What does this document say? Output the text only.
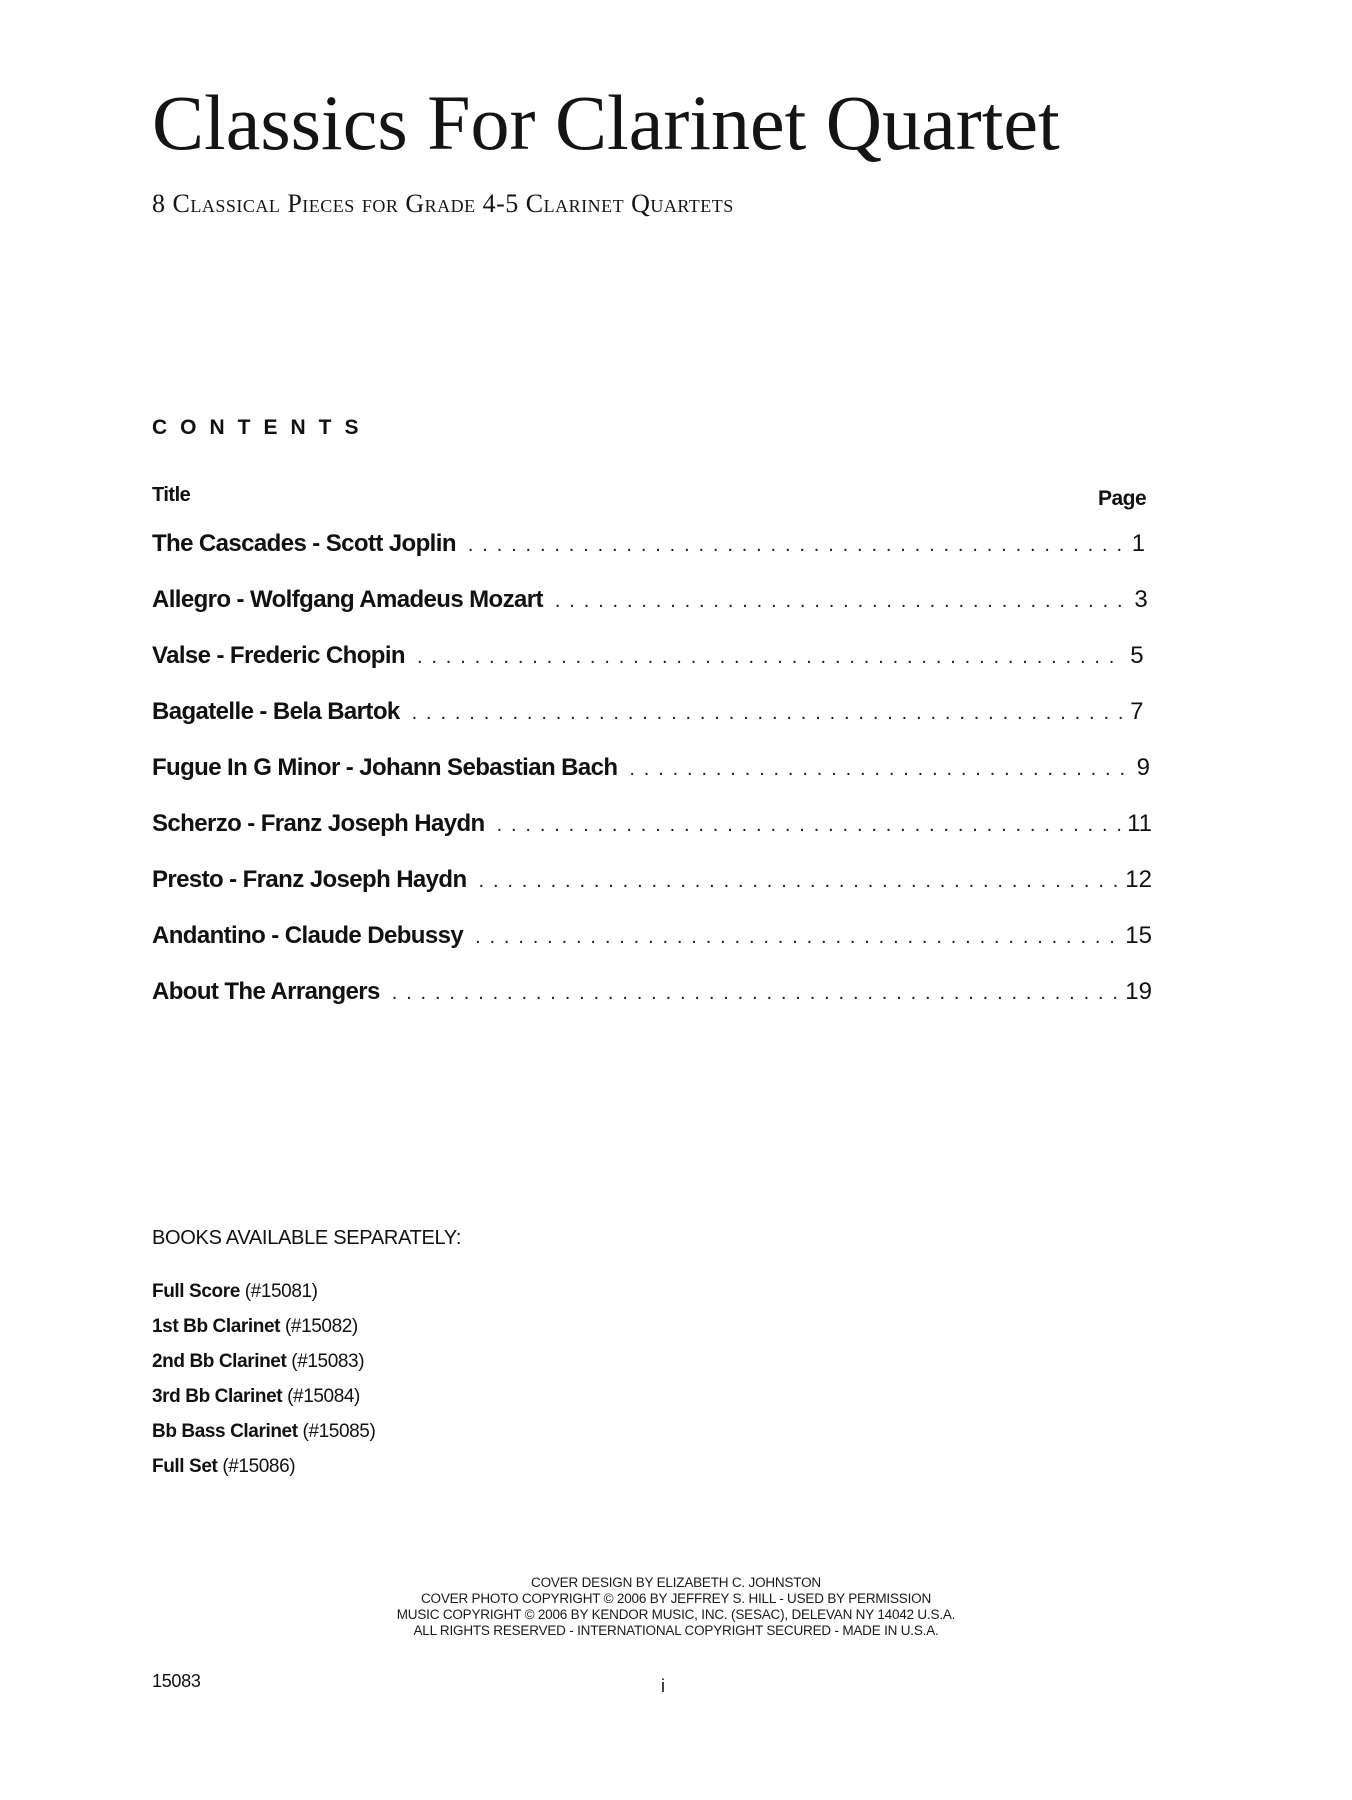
Classics For Clarinet Quartet
8 Classical Pieces for Grade 4-5 Clarinet Quartets
CONTENTS
Title	Page
The Cascades - Scott Joplin . . .	1
Allegro - Wolfgang Amadeus Mozart . . .	3
Valse - Frederic Chopin . . .	5
Bagatelle - Bela Bartok . . .	7
Fugue In G Minor - Johann Sebastian Bach . . .	9
Scherzo - Franz Joseph Haydn . . .	11
Presto - Franz Joseph Haydn . . .	12
Andantino - Claude Debussy . . .	15
About The Arrangers . . .	19
BOOKS AVAILABLE SEPARATELY:
Full Score (#15081)
1st Bb Clarinet (#15082)
2nd Bb Clarinet (#15083)
3rd Bb Clarinet (#15084)
Bb Bass Clarinet (#15085)
Full Set (#15086)
COVER DESIGN BY ELIZABETH C. JOHNSTON
COVER PHOTO COPYRIGHT © 2006 BY JEFFREY S. HILL - USED BY PERMISSION
MUSIC COPYRIGHT © 2006 BY KENDOR MUSIC, INC. (SESAC), DELEVAN NY 14042 U.S.A.
ALL RIGHTS RESERVED - INTERNATIONAL COPYRIGHT SECURED - MADE IN U.S.A.
15083	i
